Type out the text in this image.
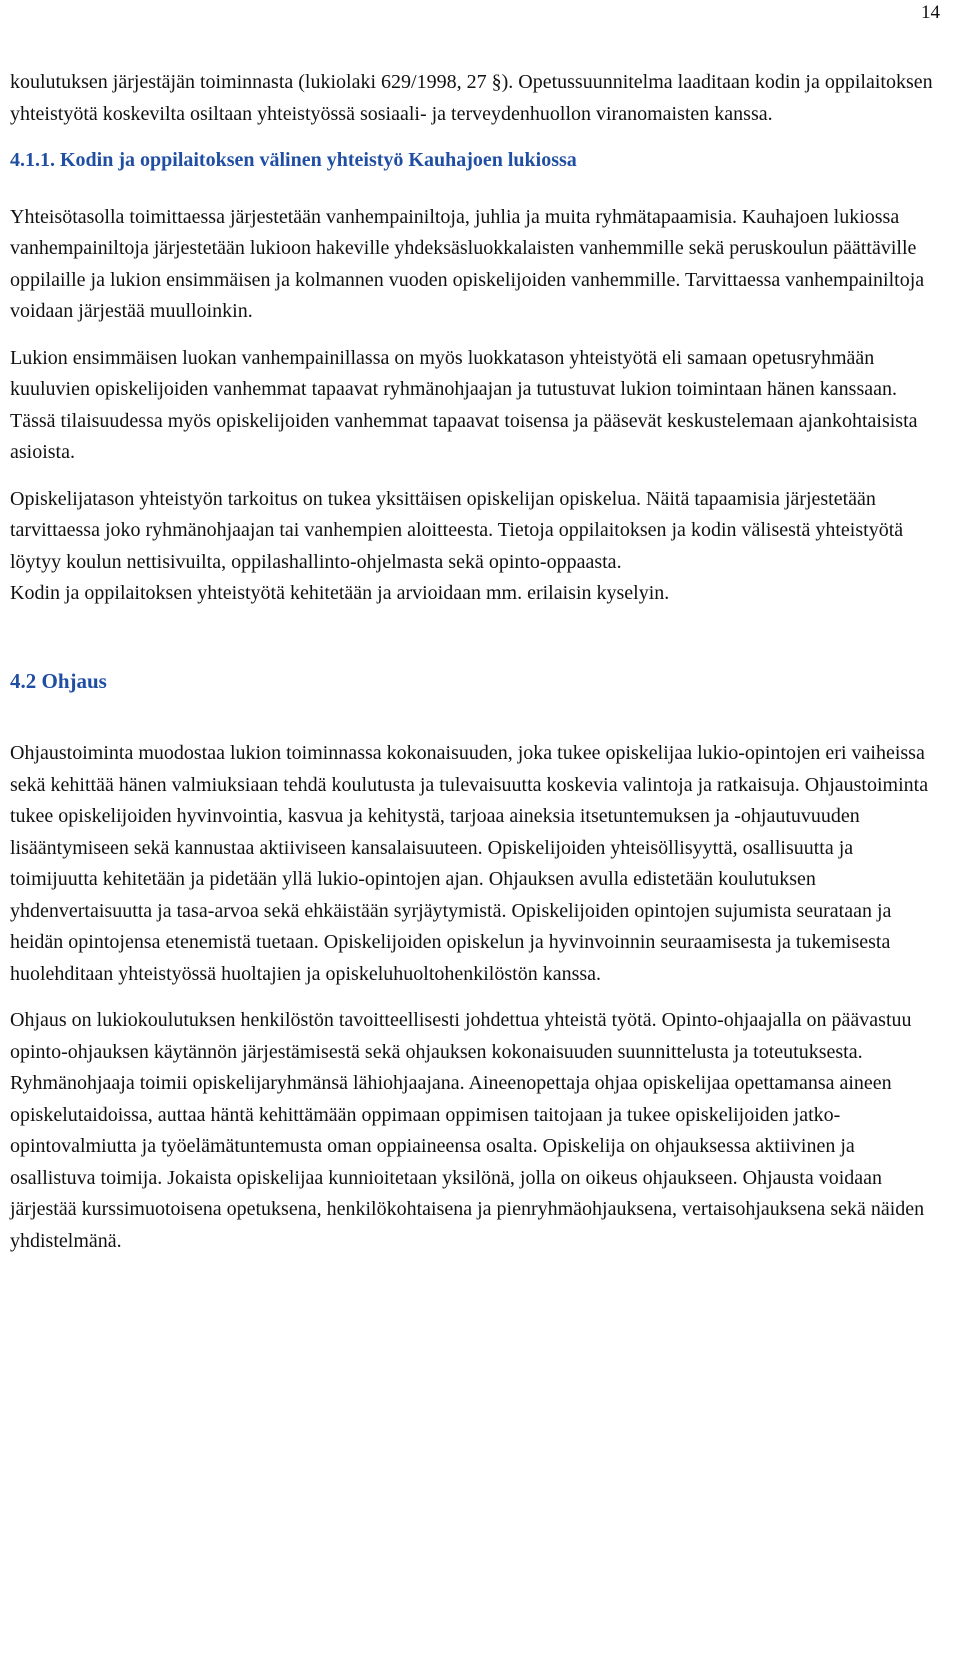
14

koulutuksen järjestäjän toiminnasta (lukiolaki 629/1998, 27 §). Opetussuunnitelma laaditaan kodin ja oppilaitoksen yhteistyötä koskevilta osiltaan yhteistyössä sosiaali- ja terveydenhuollon viranomaisten kanssa.

4.1.1. Kodin ja oppilaitoksen välinen yhteistyö Kauhajoen lukiossa

Yhteisötasolla toimittaessa järjestetään vanhempainiltoja, juhlia ja muita ryhmätapaamisia. Kauhajoen lukiossa vanhempainiltoja järjestetään lukioon hakeville yhdeksäsluokkalaisten vanhemmille sekä peruskoulun päättäville oppilaille ja lukion ensimmäisen ja kolmannen vuoden opiskelijoiden vanhemmille. Tarvittaessa vanhempainiltoja voidaan järjestää muulloinkin.

Lukion ensimmäisen luokan vanhempainillassa on myös luokkatason yhteistyötä eli samaan opetusryhmään kuuluvien opiskelijoiden vanhemmat tapaavat ryhmänohjaajan ja tutustuvat lukion toimintaan hänen kanssaan. Tässä tilaisuudessa myös opiskelijoiden vanhemmat tapaavat toisensa ja pääsevät keskustelemaan ajankohtaisista asioista.

Opiskelijatason yhteistyön tarkoitus on tukea yksittäisen opiskelijan opiskelua. Näitä tapaamisia järjestetään tarvittaessa joko ryhmänohjaajan tai vanhempien aloitteesta. Tietoja oppilaitoksen ja kodin välisestä yhteistyötä löytyy koulun nettisivuilta, oppilashallinto-ohjelmasta sekä opinto-oppaasta.

Kodin ja oppilaitoksen yhteistyötä kehitetään ja arvioidaan mm. erilaisin kyselyin.

4.2 Ohjaus

Ohjaustoiminta muodostaa lukion toiminnassa kokonaisuuden, joka tukee opiskelijaa lukio-opintojen eri vaiheissa sekä kehittää hänen valmiuksiaan tehdä koulutusta ja tulevaisuutta koskevia valintoja ja ratkaisuja. Ohjaustoiminta tukee opiskelijoiden hyvinvointia, kasvua ja kehitystä, tarjoaa aineksia itsetuntemuksen ja -ohjautuvuuden lisääntymiseen sekä kannustaa aktiiviseen kansalaisuuteen. Opiskelijoiden yhteisöllisyyttä, osallisuutta ja toimijuutta kehitetään ja pidetään yllä lukio-opintojen ajan. Ohjauksen avulla edistetään koulutuksen yhdenvertaisuutta ja tasa-arvoa sekä ehkäistään syrjäytymistä. Opiskelijoiden opintojen sujumista seurataan ja heidän opintojensa etenemistä tuetaan. Opiskelijoiden opiskelun ja hyvinvoinnin seuraamisesta ja tukemisesta huolehditaan yhteistyössä huoltajien ja opiskeluhuoltohenkilöstön kanssa.

Ohjaus on lukiokoulutuksen henkilöstön tavoitteellisesti johdettua yhteistä työtä. Opinto-ohjaajalla on päävastuu opinto-ohjauksen käytännön järjestämisestä sekä ohjauksen kokonaisuuden suunnittelusta ja toteutuksesta. Ryhmänohjaaja toimii opiskelijaryhmänsä lähiohjaajana. Aineenopettaja ohjaa opiskelijaa opettamansa aineen opiskelutaidoissa, auttaa häntä kehittämään oppimaan oppimisen taitojaan ja tukee opiskelijoiden jatko-opintovalmiutta ja työelämätuntemusta oman oppiaineensa osalta. Opiskelija on ohjauksessa aktiivinen ja osallistuva toimija. Jokaista opiskelijaa kunnioitetaan yksilönä, jolla on oikeus ohjaukseen. Ohjausta voidaan järjestää kurssimuotoisena opetuksena, henkilökohtaisena ja pienryhmäohjauksena, vertaisohjauksena sekä näiden yhdistelmänä.
